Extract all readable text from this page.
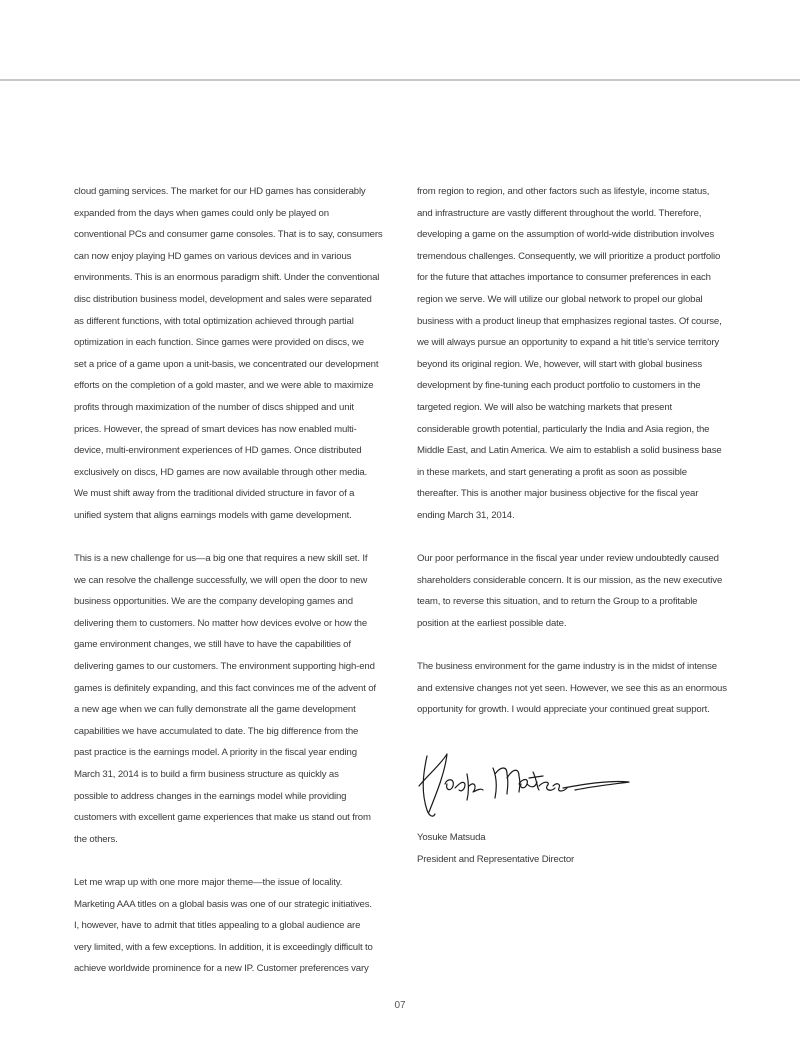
cloud gaming services. The market for our HD games has considerably
expanded from the days when games could only be played on
conventional PCs and consumer game consoles. That is to say, consumers
can now enjoy playing HD games on various devices and in various
environments. This is an enormous paradigm shift. Under the conventional
disc distribution business model, development and sales were separated
as different functions, with total optimization achieved through partial
optimization in each function. Since games were provided on discs, we
set a price of a game upon a unit-basis, we concentrated our development
efforts on the completion of a gold master, and we were able to maximize
profits through maximization of the number of discs shipped and unit
prices. However, the spread of smart devices has now enabled multi-
device, multi-environment experiences of HD games. Once distributed
exclusively on discs, HD games are now available through other media.
We must shift away from the traditional divided structure in favor of a
unified system that aligns earnings models with game development.
This is a new challenge for us—a big one that requires a new skill set. If
we can resolve the challenge successfully, we will open the door to new
business opportunities. We are the company developing games and
delivering them to customers. No matter how devices evolve or how the
game environment changes, we still have to have the capabilities of
delivering games to our customers. The environment supporting high-end
games is definitely expanding, and this fact convinces me of the advent of
a new age when we can fully demonstrate all the game development
capabilities we have accumulated to date. The big difference from the
past practice is the earnings model. A priority in the fiscal year ending
March 31, 2014 is to build a firm business structure as quickly as
possible to address changes in the earnings model while providing
customers with excellent game experiences that make us stand out from
the others.
Let me wrap up with one more major theme—the issue of locality.
Marketing AAA titles on a global basis was one of our strategic initiatives.
I, however, have to admit that titles appealing to a global audience are
very limited, with a few exceptions. In addition, it is exceedingly difficult to
achieve worldwide prominence for a new IP. Customer preferences vary
from region to region, and other factors such as lifestyle, income status,
and infrastructure are vastly different throughout the world. Therefore,
developing a game on the assumption of world-wide distribution involves
tremendous challenges. Consequently, we will prioritize a product portfolio
for the future that attaches importance to consumer preferences in each
region we serve. We will utilize our global network to propel our global
business with a product lineup that emphasizes regional tastes. Of course,
we will always pursue an opportunity to expand a hit title's service territory
beyond its original region. We, however, will start with global business
development by fine-tuning each product portfolio to customers in the
targeted region. We will also be watching markets that present
considerable growth potential, particularly the India and Asia region, the
Middle East, and Latin America. We aim to establish a solid business base
in these markets, and start generating a profit as soon as possible
thereafter. This is another major business objective for the fiscal year
ending March 31, 2014.
Our poor performance in the fiscal year under review undoubtedly caused
shareholders considerable concern. It is our mission, as the new executive
team, to reverse this situation, and to return the Group to a profitable
position at the earliest possible date.
The business environment for the game industry is in the midst of intense
and extensive changes not yet seen. However, we see this as an enormous
opportunity for growth. I would appreciate your continued great support.
Yosuke Matsuda
President and Representative Director
07
